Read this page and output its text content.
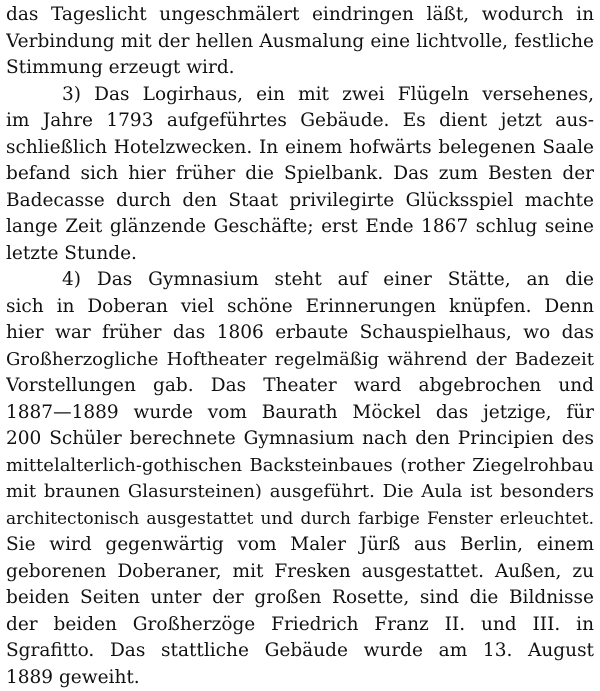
das Tageslicht ungeschmälert eindringen läßt, wodurch in
Verbindung mit der hellen Ausmalung eine lichtvolle, festliche
Stimmung erzeugt wird.
3) Das Logirhaus, ein mit zwei Flügeln versehenes,
im Jahre 1793 aufgeführtes Gebäude. Es dient jetzt aus-
schließlich Hotelzwecken. In einem hofwärts belegenen Saale
befand sich hier früher die Spielbank. Das zum Besten der
Badecasse durch den Staat privilegirte Glücksspiel machte
lange Zeit glänzende Geschäfte; erst Ende 1867 schlug seine
letzte Stunde.
4) Das Gymnasium steht auf einer Stätte, an die
sich in Doberan viel schöne Erinnerungen knüpfen. Denn
hier war früher das 1806 erbaute Schauspielhaus, wo das
Großherzogliche Hoftheater regelmäßig während der Badezeit
Vorstellungen gab. Das Theater ward abgebrochen und
1887—1889 wurde vom Baurath Möckel das jetzige, für
200 Schüler berechnete Gymnasium nach den Principien des
mittelalterlich-gothischen Backsteinbaues (rother Ziegelrohbau
mit braunen Glasursteinen) ausgeführt. Die Aula ist besonders
architectonisch ausgestattet und durch farbige Fenster erleuchtet.
Sie wird gegenwärtig vom Maler Jürß aus Berlin, einem
geborenen Doberaner, mit Fresken ausgestattet. Außen, zu
beiden Seiten unter der großen Rosette, sind die Bildnisse
der beiden Großherzöge Friedrich Franz II. und III. in
Sgrafitto. Das stattliche Gebäude wurde am 13. August
1889 geweiht.
